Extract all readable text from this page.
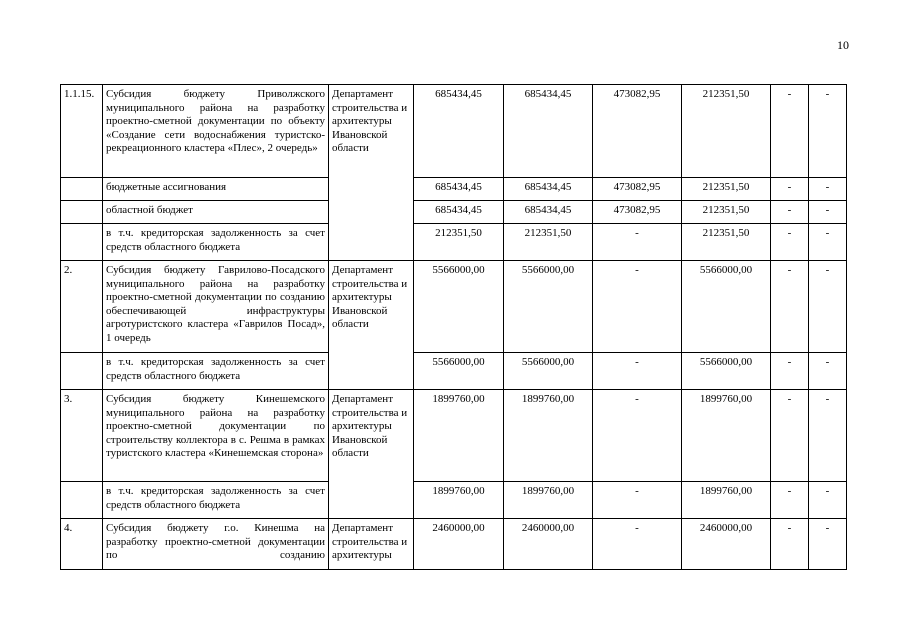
10
1.1.15.	Субсидия бюджету Приволжского муниципального района на разработку проектно-сметной документации по объекту «Создание сети водоснабжения туристско-рекреационного кластера «Плес», 2 очередь»	Департамент строительства и архитектуры Ивановской области	685434,45	685434,45	473082,95	212351,50	-	-
	бюджетные ассигнования		685434,45	685434,45	473082,95	212351,50	-	-
	областной бюджет		685434,45	685434,45	473082,95	212351,50	-	-
	в т.ч. кредиторская задолженность за счет средств областного бюджета		212351,50	212351,50	-	212351,50	-	-
2.	Субсидия бюджету Гаврилово-Посадского муниципального района на разработку проектно-сметной документации по созданию обеспечивающей инфраструктуры агротуристского кластера «Гаврилов Посад», 1 очередь	Департамент строительства и архитектуры Ивановской области	5566000,00	5566000,00	-	5566000,00	-	-
	в т.ч. кредиторская задолженность за счет средств областного бюджета		5566000,00	5566000,00	-	5566000,00	-	-
3.	Субсидия бюджету Кинешемского муниципального района на разработку проектно-сметной документации по строительству коллектора в с. Решма в рамках туристского кластера «Кинешемская сторона»	Департамент строительства и архитектуры Ивановской области	1899760,00	1899760,00	-	1899760,00	-	-
	в т.ч. кредиторская задолженность за счет средств областного бюджета		1899760,00	1899760,00	-	1899760,00	-	-
4.	Субсидия бюджету г.о. Кинешма на разработку проектно-сметной документации по созданию	Департамент строительства и архитектуры	2460000,00	2460000,00	-	2460000,00	-	-
